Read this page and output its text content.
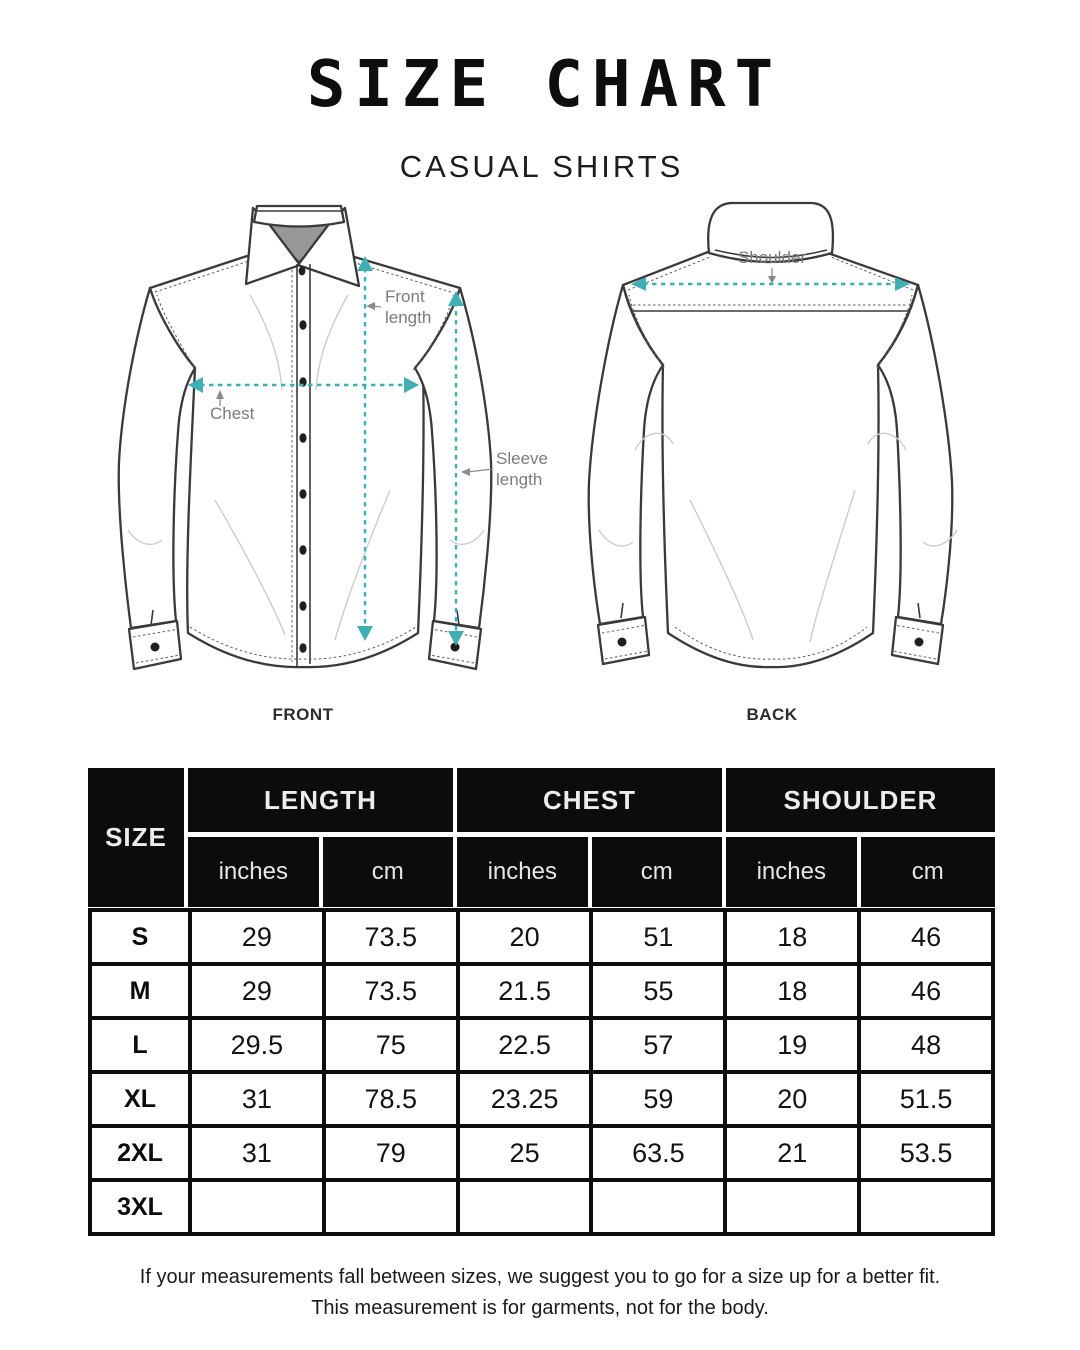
SIZE CHART
CASUAL SHIRTS
Front
length
Chest
Sleeve
length
Shoulder
FRONT	BACK
SIZE
LENGTH	CHEST	SHOULDER
inches	cm	inches	cm	inches	cm
S	29	73.5	20	51	18	46
M	29	73.5	21.5	55	18	46
L	29.5	75	22.5	57	19	48
XL	31	78.5	23.25	59	20	51.5
2XL	31	79	25	63.5	21	53.5
3XL						
If your measurements fall between sizes, we suggest you to go for a size up for a better fit.
This measurement is for garments, not for the body.
